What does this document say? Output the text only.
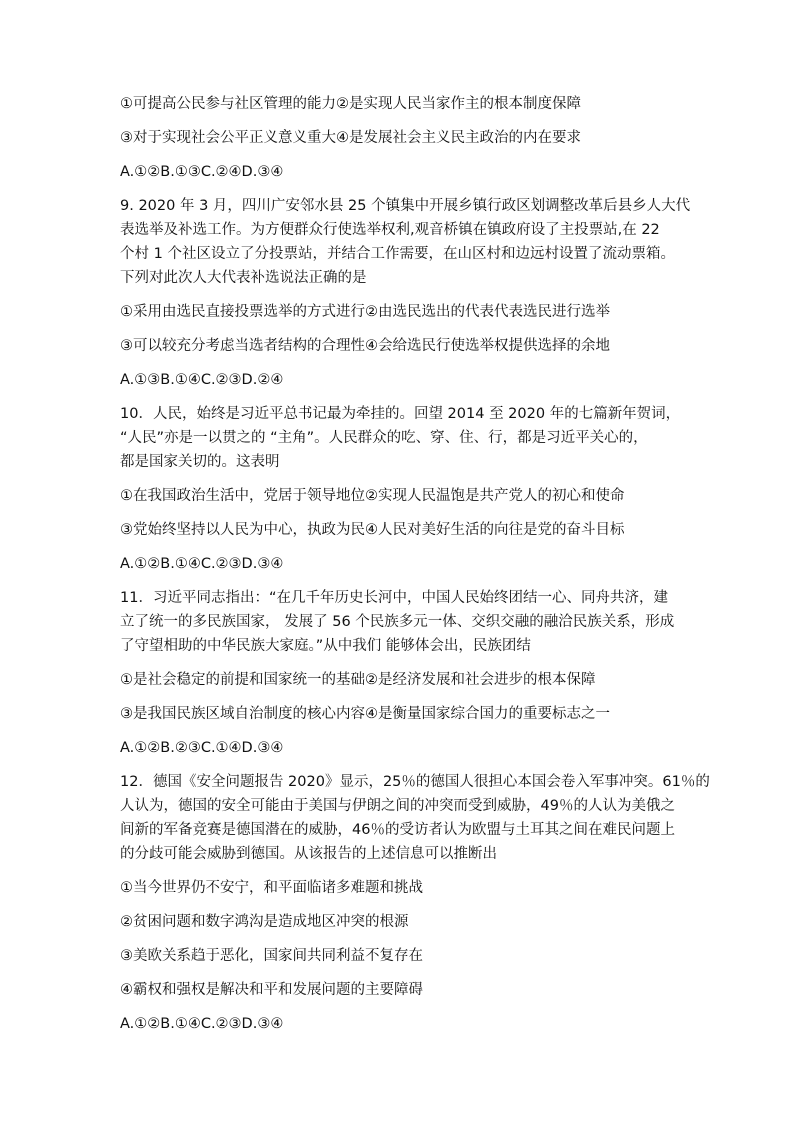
①可提高公民参与社区管理的能力②是实现人民当家作主的根本制度保障

③对于实现社会公平正义意义重大④是发展社会主义民主政治的内在要求

A.①②B.①③C.②④D.③④

9. 2020 年 3 月，四川广安邻水县 25 个镇集中开展乡镇行政区划调整改革后县乡人大代

表选举及补选工作。为方便群众行使选举权利,观音桥镇在镇政府设了主投票站,在 22

个村 1 个社区设立了分投票站，并结合工作需要，在山区村和边远村设置了流动票箱。

下列对此次人大代表补选说法正确的是

①采用由选民直接投票选举的方式进行②由选民选出的代表代表选民进行选举

③可以较充分考虑当选者结构的合理性④会给选民行使选举权提供选择的余地

A.①③B.①④C.②③D.②④

10．人民，始终是习近平总书记最为牵挂的。回望 2014 至 2020 年的七篇新年贺词，

“人民”亦是一以贯之的 “主角”。人民群众的吃、穿、住、行，都是习近平关心的，

都是国家关切的。这表明

①在我国政治生活中，党居于领导地位②实现人民温饱是共产党人的初心和使命

③党始终坚持以人民为中心，执政为民④人民对美好生活的向往是党的奋斗目标

A.①②B.①④C.②③D.③④

11．习近平同志指出：“在几千年历史长河中，中国人民始终团结一心、同舟共济，建

立了统一的多民族国家， 发展了 56 个民族多元一体、交织交融的融洽民族关系，形成

了守望相助的中华民族大家庭。”从中我们 能够体会出，民族团结

①是社会稳定的前提和国家统一的基础②是经济发展和社会进步的根本保障

③是我国民族区域自治制度的核心内容④是衡量国家综合国力的重要标志之一

A.①②B.②③C.①④D.③④

12．德国《安全问题报告 2020》显示，25％的德国人很担心本国会卷入军事冲突。61％的

人认为，德国的安全可能由于美国与伊朗之间的冲突而受到威胁，49％的人认为美俄之

间新的军备竞赛是德国潜在的威胁，46％的受访者认为欧盟与土耳其之间在难民问题上

的分歧可能会威胁到德国。从该报告的上述信息可以推断出

①当今世界仍不安宁，和平面临诸多难题和挑战

②贫困问题和数字鸿沟是造成地区冲突的根源

③美欧关系趋于恶化，国家间共同利益不复存在

④霸权和强权是解决和平和发展问题的主要障碍

A.①②B.①④C.②③D.③④
